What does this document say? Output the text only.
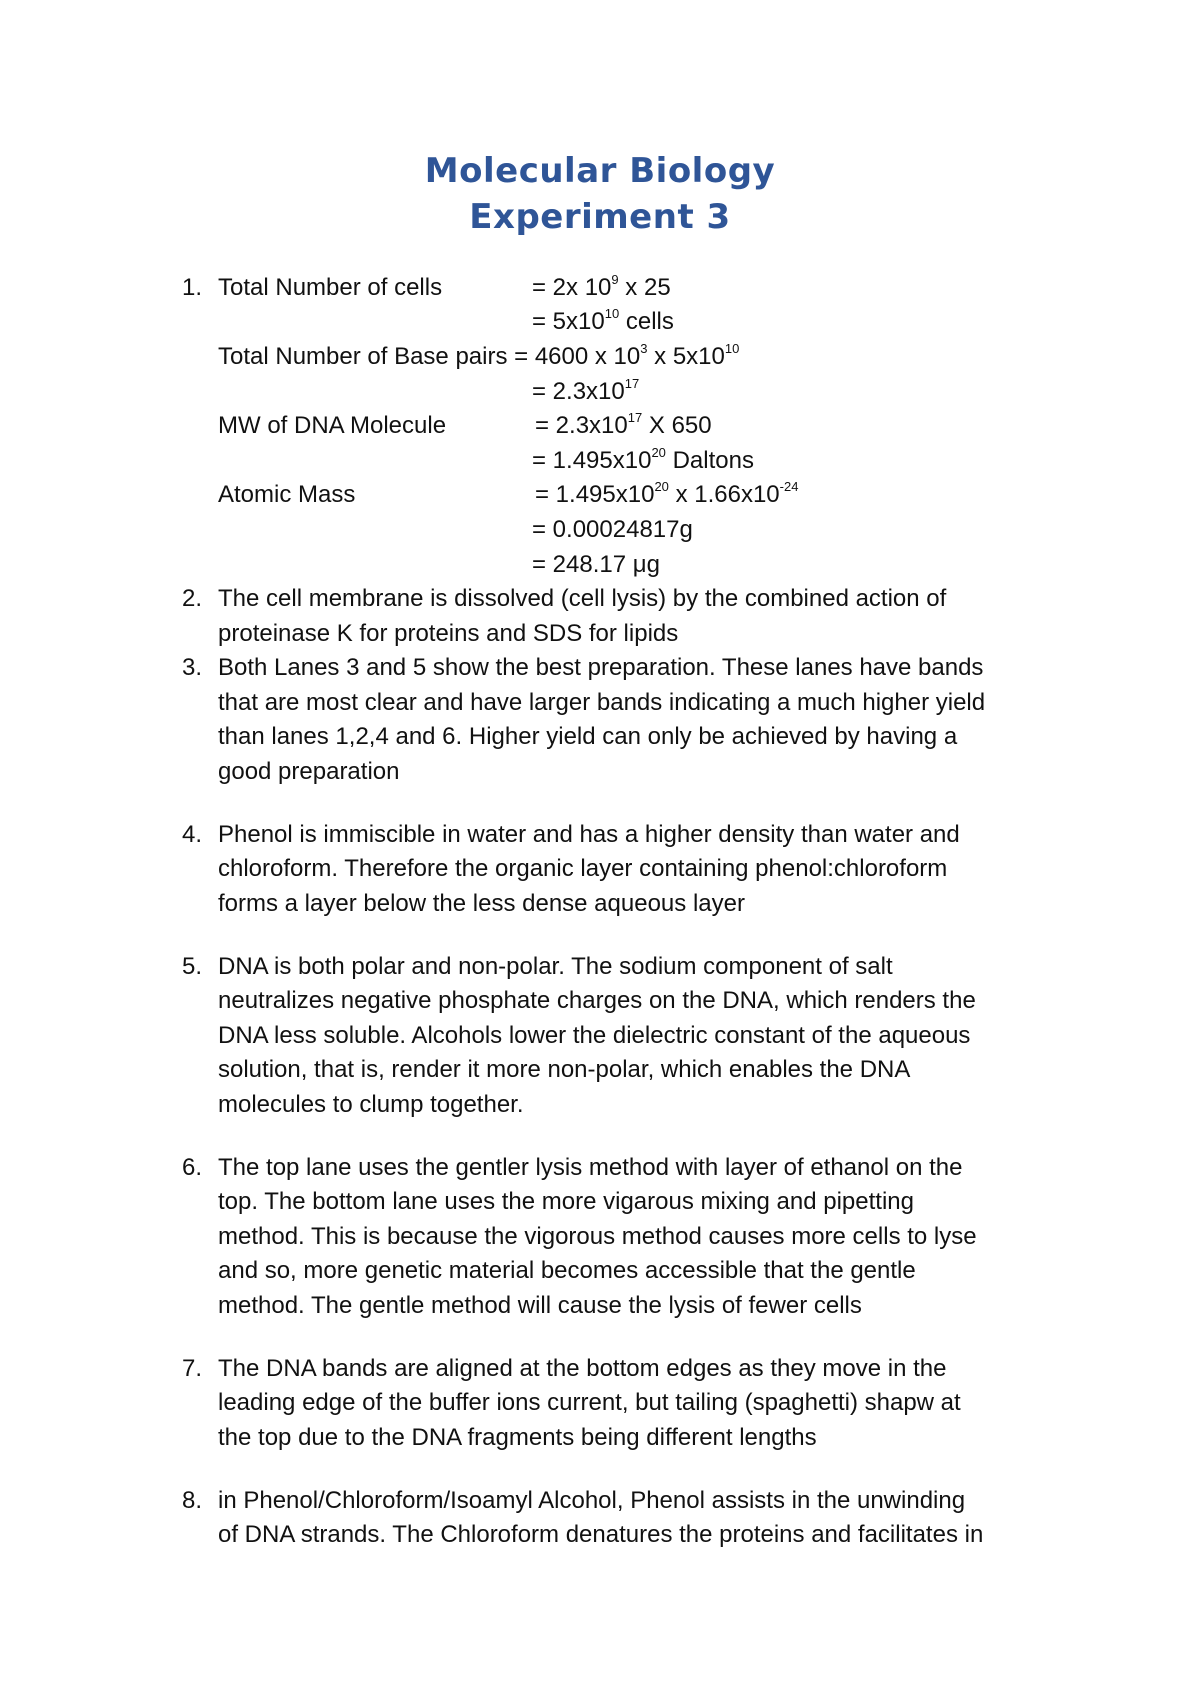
Molecular Biology
Experiment 3
1. Total Number of cells	= 2x $10^9$ x 25
= $5x10^{10}$ cells
Total Number of Base pairs = 4600 x $10^3$ x $5x10^{10}$
= $2.3x10^{17}$
MW of DNA Molecule	= $2.3x10^{17}$ X 650
= $1.495x10^{20}$ Daltons
Atomic Mass	= $1.495x10^{20}$ x $1.66x10^{-24}$
= 0.00024817g
= 248.17 μg
2. The cell membrane is dissolved (cell lysis) by the combined action of
proteinase K for proteins and SDS for lipids
3. Both Lanes 3 and 5 show the best preparation. These lanes have bands
that are most clear and have larger bands indicating a much higher yield
than lanes 1,2,4 and 6. Higher yield can only be achieved by having a
good preparation
4. Phenol is immiscible in water and has a higher density than water and
chloroform. Therefore the organic layer containing phenol:chloroform
forms a layer below the less dense aqueous layer
5. DNA is both polar and non-polar. The sodium component of salt
neutralizes negative phosphate charges on the DNA, which renders the
DNA less soluble. Alcohols lower the dielectric constant of the aqueous
solution, that is, render it more non-polar, which enables the DNA
molecules to clump together.
6. The top lane uses the gentler lysis method with layer of ethanol on the
top. The bottom lane uses the more vigarous mixing and pipetting
method. This is because the vigorous method causes more cells to lyse
and so, more genetic material becomes accessible that the gentle
method. The gentle method will cause the lysis of fewer cells
7. The DNA bands are aligned at the bottom edges as they move in the
leading edge of the buffer ions current, but tailing (spaghetti) shapw at
the top due to the DNA fragments being different lengths
8. in Phenol/Chloroform/Isoamyl Alcohol, Phenol assists in the unwinding
of DNA strands. The Chloroform denatures the proteins and facilitates in
